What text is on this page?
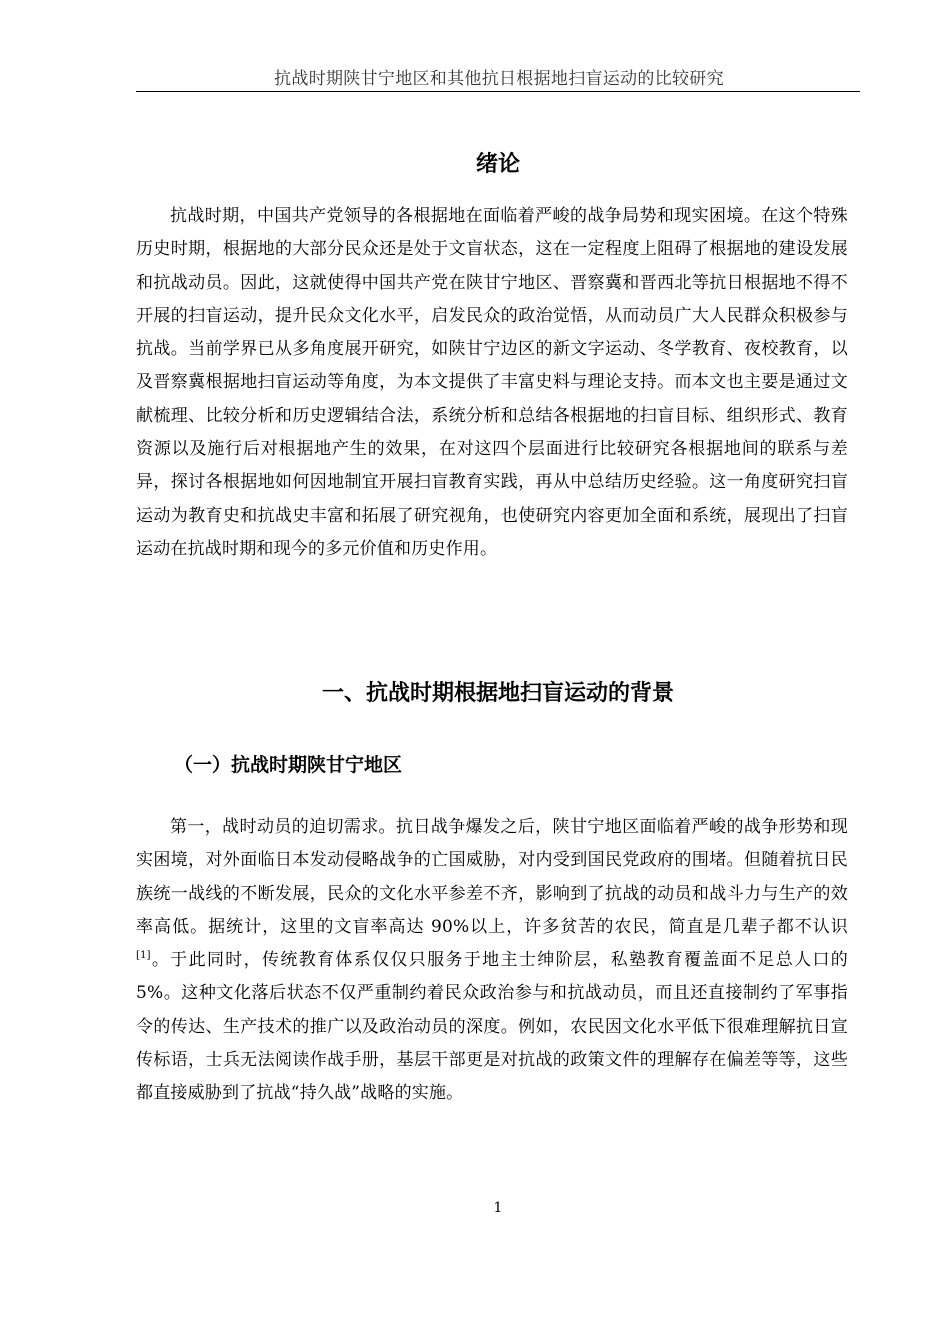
抗战时期陕甘宁地区和其他抗日根据地扫盲运动的比较研究
绪论

抗战时期，中国共产党领导的各根据地在面临着严峻的战争局势和现实困境。在这个特殊历史时期，根据地的大部分民众还是处于文盲状态，这在一定程度上阻碍了根据地的建设发展和抗战动员。因此，这就使得中国共产党在陕甘宁地区、晋察冀和晋西北等抗日根据地不得不开展的扫盲运动，提升民众文化水平，启发民众的政治觉悟，从而动员广大人民群众积极参与抗战。当前学界已从多角度展开研究，如陕甘宁边区的新文字运动、冬学教育、夜校教育，以及晋察冀根据地扫盲运动等角度，为本文提供了丰富史料与理论支持。而本文也主要是通过文献梳理、比较分析和历史逻辑结合法，系统分析和总结各根据地的扫盲目标、组织形式、教育资源以及施行后对根据地产生的效果，在对这四个层面进行比较研究各根据地间的联系与差异，探讨各根据地如何因地制宜开展扫盲教育实践，再从中总结历史经验。这一角度研究扫盲运动为教育史和抗战史丰富和拓展了研究视角，也使研究内容更加全面和系统，展现出了扫盲运动在抗战时期和现今的多元价值和历史作用。

一、抗战时期根据地扫盲运动的背景
（一）抗战时期陕甘宁地区

第一，战时动员的迫切需求。抗日战争爆发之后，陕甘宁地区面临着严峻的战争形势和现实困境，对外面临日本发动侵略战争的亡国威胁，对内受到国民党政府的围堵。但随着抗日民族统一战线的不断发展，民众的文化水平参差不齐，影响到了抗战的动员和战斗力与生产的效率高低。据统计，这里的文盲率高达 90%以上，许多贫苦的农民，简直是几辈子都不认识[1]。于此同时，传统教育体系仅仅只服务于地主士绅阶层，私塾教育覆盖面不足总人口的 5%。这种文化落后状态不仅严重制约着民众政治参与和抗战动员，而且还直接制约了军事指令的传达、生产技术的推广以及政治动员的深度。例如，农民因文化水平低下很难理解抗日宣传标语，士兵无法阅读作战手册，基层干部更是对抗战的政策文件的理解存在偏差等等，这些都直接威胁到了抗战“持久战”战略的实施。

1
